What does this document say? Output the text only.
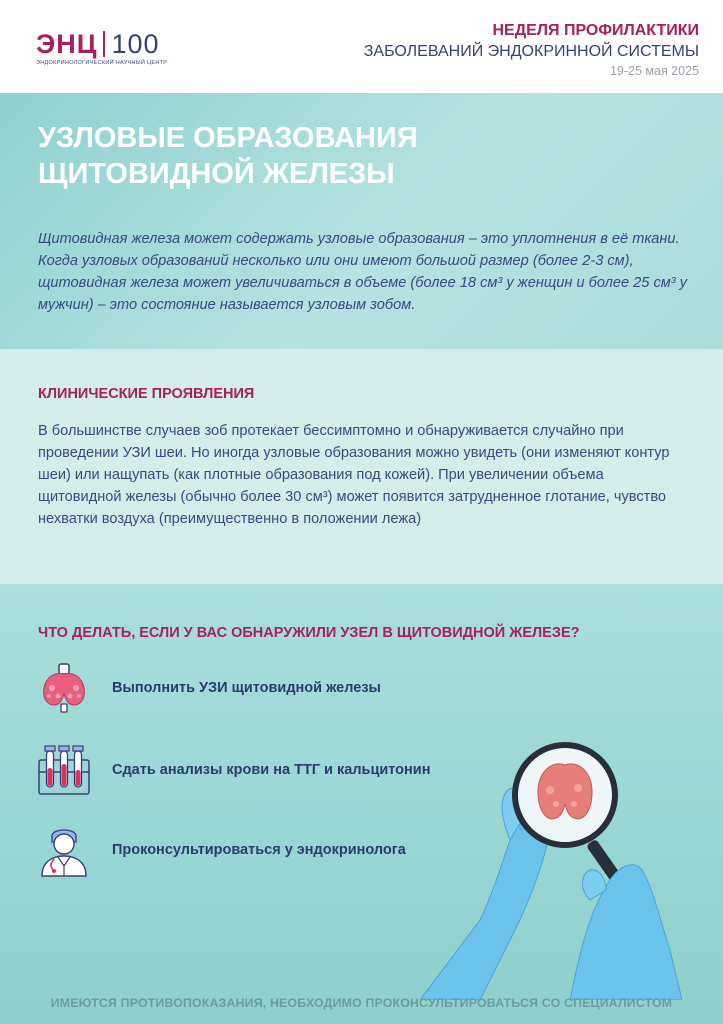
ЭНЦ 100
ЭНДОКРИНОЛОГИЧЕСКИЙ НАУЧНЫЙ ЦЕНТР
НЕДЕЛЯ ПРОФИЛАКТИКИ
ЗАБОЛЕВАНИЙ ЭНДОКРИННОЙ СИСТЕМЫ
19-25 мая 2025
УЗЛОВЫЕ ОБРАЗОВАНИЯ
ЩИТОВИДНОЙ ЖЕЛЕЗЫ

Щитовидная железа может содержать узловые образования – это уплотнения в её ткани. Когда узловых образований несколько или они имеют большой размер (более 2-3 см), щитовидная железа может увеличиваться в объеме (более 18 см³ у женщин и более 25 см³ у мужчин) – это состояние называется узловым зобом.

КЛИНИЧЕСКИЕ ПРОЯВЛЕНИЯ

В большинстве случаев зоб протекает бессимптомно и обнаруживается случайно при проведении УЗИ шеи. Но иногда узловые образования можно увидеть (они изменяют контур шеи) или нащупать (как плотные образования под кожей). При увеличении объема щитовидной железы (обычно более 30 см³) может появится затрудненное глотание, чувство нехватки воздуха (преимущественно в положении лежа)

ЧТО ДЕЛАТЬ, ЕСЛИ У ВАС ОБНАРУЖИЛИ УЗЕЛ В ЩИТОВИДНОЙ ЖЕЛЕЗЕ?
Выполнить УЗИ щитовидной железы
Сдать анализы крови на ТТГ и кальцитонин
Проконсультироваться у эндокринолога
ИМЕЮТСЯ ПРОТИВОПОКАЗАНИЯ, НЕОБХОДИМО ПРОКОНСУЛЬТИРОВАТЬСЯ СО СПЕЦИАЛИСТОМ
